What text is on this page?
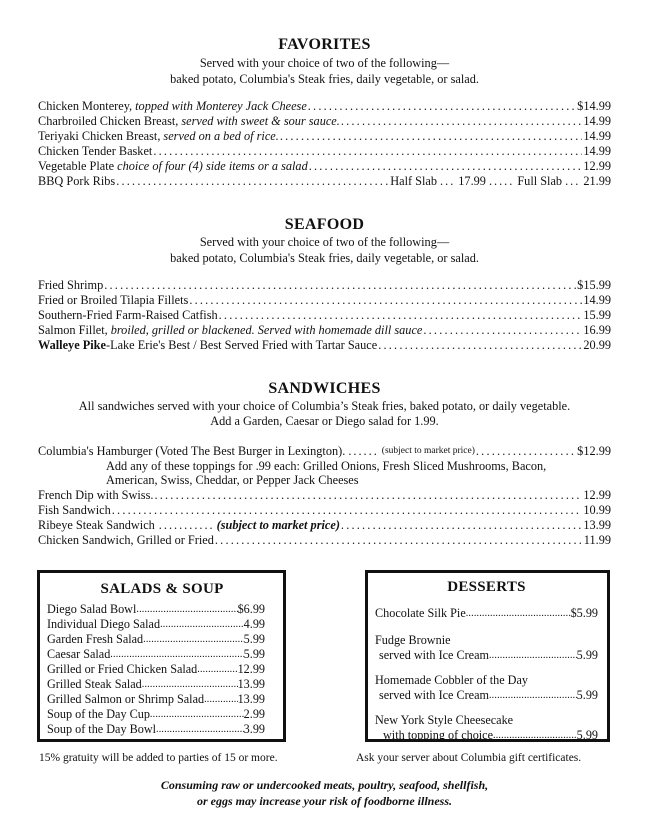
FAVORITES
Served with your choice of two of the following—
baked potato, Columbia's Steak fries, daily vegetable, or salad.
Chicken Monterey, topped with Monterey Jack Cheese .....	$14.99
Charbroiled Chicken Breast, served with sweet & sour sauce. .....	14.99
Teriyaki Chicken Breast, served on a bed of rice. .....	14.99
Chicken Tender Basket .....	14.99
Vegetable Plate choice of four (4) side items or a salad .....	12.99
BBQ Pork Ribs .....	Half Slab ... 17.99 ..... Full Slab ... 21.99
SEAFOOD
Served with your choice of two of the following—
baked potato, Columbia's Steak fries, daily vegetable, or salad.
Fried Shrimp .....	$15.99
Fried or Broiled Tilapia Fillets .....	14.99
Southern-Fried Farm-Raised Catfish .....	15.99
Salmon Fillet, broiled, grilled or blackened. Served with homemade dill sauce .....	16.99
Walleye Pike -Lake Erie's Best / Best Served Fried with Tartar Sauce .....	20.99
SANDWICHES
All sandwiches served with your choice of Columbia’s Steak fries, baked potato, or daily vegetable.
Add a Garden, Caesar or Diego salad for 1.99.
Columbia's Hamburger (Voted The Best Burger in Lexington). ...... (subject to market price) .....	$12.99
Add any of these toppings for .99 each: Grilled Onions, Fresh Sliced Mushrooms, Bacon,
American, Swiss, Cheddar, or Pepper Jack Cheeses
French Dip with Swiss. .....	12.99
Fish Sandwich .....	10.99
Ribeye Steak Sandwich ........... (subject to market price) .....	13.99
Chicken Sandwich, Grilled or Fried .....	11.99
SALADS & SOUP
Diego Salad Bowl .....	$6.99
Individual Diego Salad .....	4.99
Garden Fresh Salad .....	5.99
Caesar Salad .....	5.99
Grilled or Fried Chicken Salad .....	12.99
Grilled Steak Salad .....	13.99
Grilled Salmon or Shrimp Salad .....	13.99
Soup of the Day Cup .....	2.99
Soup of the Day Bowl .....	3.99
DESSERTS
Chocolate Silk Pie .....	$5.99
Fudge Brownie
served with Ice Cream .....	5.99
Homemade Cobbler of the Day
served with Ice Cream .....	5.99
New York Style Cheesecake
with topping of choice .....	5.99
15% gratuity will be added to parties of 15 or more.	Ask your server about Columbia gift certificates.
Consuming raw or undercooked meats, poultry, seafood, shellfish,
or eggs may increase your risk of foodborne illness.
